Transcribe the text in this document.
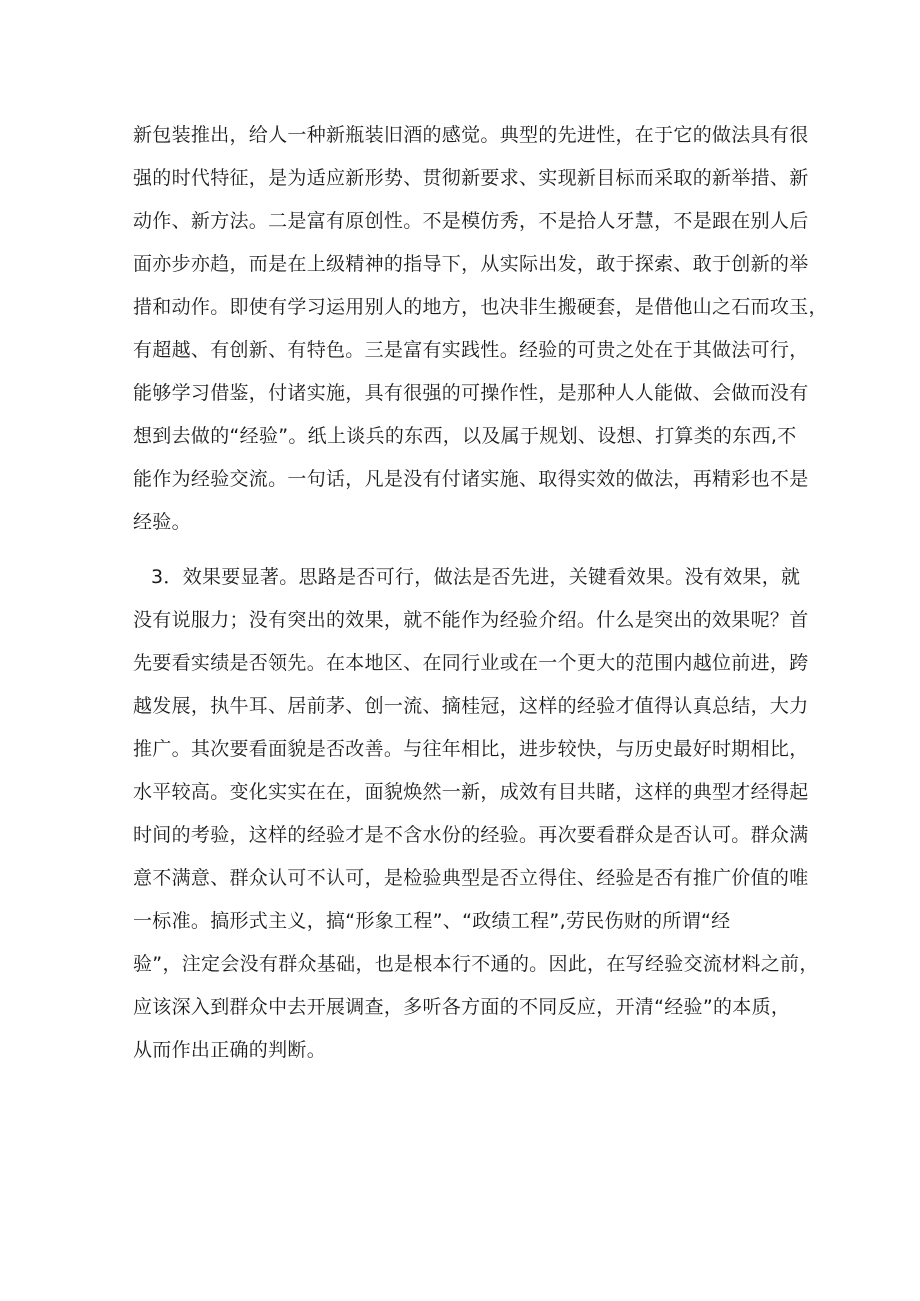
新包装推出，给人一种新瓶装旧酒的感觉。典型的先进性，在于它的做法具有很
强的时代特征，是为适应新形势、贯彻新要求、实现新目标而采取的新举措、新
动作、新方法。二是富有原创性。不是模仿秀，不是拾人牙慧，不是跟在别人后
面亦步亦趋，而是在上级精神的指导下，从实际出发，敢于探索、敢于创新的举
措和动作。即使有学习运用别人的地方，也决非生搬硬套，是借他山之石而攻玉，
有超越、有创新、有特色。三是富有实践性。经验的可贵之处在于其做法可行，
能够学习借鉴，付诸实施，具有很强的可操作性，是那种人人能做、会做而没有
想到去做的“经验”。纸上谈兵的东西，以及属于规划、设想、打算类的东西,不
能作为经验交流。一句话，凡是没有付诸实施、取得实效的做法，再精彩也不是
经验。
3．效果要显著。思路是否可行，做法是否先进，关键看效果。没有效果，就
没有说服力；没有突出的效果，就不能作为经验介绍。什么是突出的效果呢？首
先要看实绩是否领先。在本地区、在同行业或在一个更大的范围内越位前进，跨
越发展，执牛耳、居前茅、创一流、摘桂冠，这样的经验才值得认真总结，大力
推广。其次要看面貌是否改善。与往年相比，进步较快，与历史最好时期相比，
水平较高。变化实实在在，面貌焕然一新，成效有目共睹，这样的典型才经得起
时间的考验，这样的经验才是不含水份的经验。再次要看群众是否认可。群众满
意不满意、群众认可不认可，是检验典型是否立得住、经验是否有推广价值的唯
一标准。搞形式主义，搞“形象工程”、“政绩工程”,劳民伤财的所谓“经
验”，注定会没有群众基础，也是根本行不通的。因此，在写经验交流材料之前，
应该深入到群众中去开展调查，多听各方面的不同反应，开清“经验”的本质，
从而作出正确的判断。
